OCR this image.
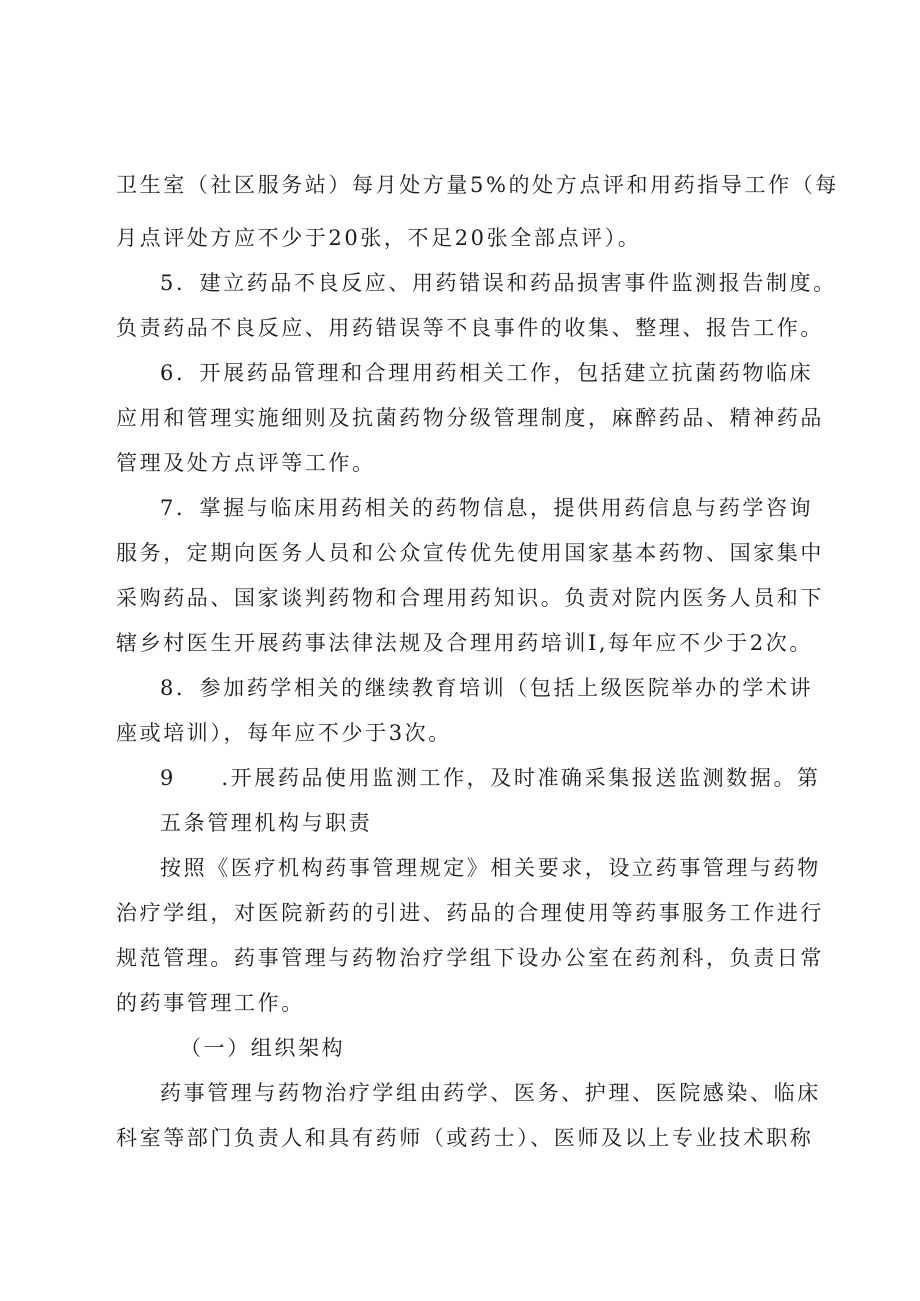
卫生室（社区服务站）每月处方量5%的处方点评和用药指导工作（每
月点评处方应不少于20张，不足20张全部点评）。
5．建立药品不良反应、用药错误和药品损害事件监测报告制度。
负责药品不良反应、用药错误等不良事件的收集、整理、报告工作。
6．开展药品管理和合理用药相关工作，包括建立抗菌药物临床
应用和管理实施细则及抗菌药物分级管理制度，麻醉药品、精神药品
管理及处方点评等工作。
7．掌握与临床用药相关的药物信息，提供用药信息与药学咨询
服务，定期向医务人员和公众宣传优先使用国家基本药物、国家集中
采购药品、国家谈判药物和合理用药知识。负责对院内医务人员和下
辖乡村医生开展药事法律法规及合理用药培训I,每年应不少于2次。
8．参加药学相关的继续教育培训（包括上级医院举办的学术讲
座或培训），每年应不少于3次。
9 .开展药品使用监测工作，及时准确采集报送监测数据。第
五条管理机构与职责
按照《医疗机构药事管理规定》相关要求，设立药事管理与药物
治疗学组，对医院新药的引进、药品的合理使用等药事服务工作进行
规范管理。药事管理与药物治疗学组下设办公室在药剂科，负责日常
的药事管理工作。
（一）组织架构
药事管理与药物治疗学组由药学、医务、护理、医院感染、临床
科室等部门负责人和具有药师（或药士）、医师及以上专业技术职称
